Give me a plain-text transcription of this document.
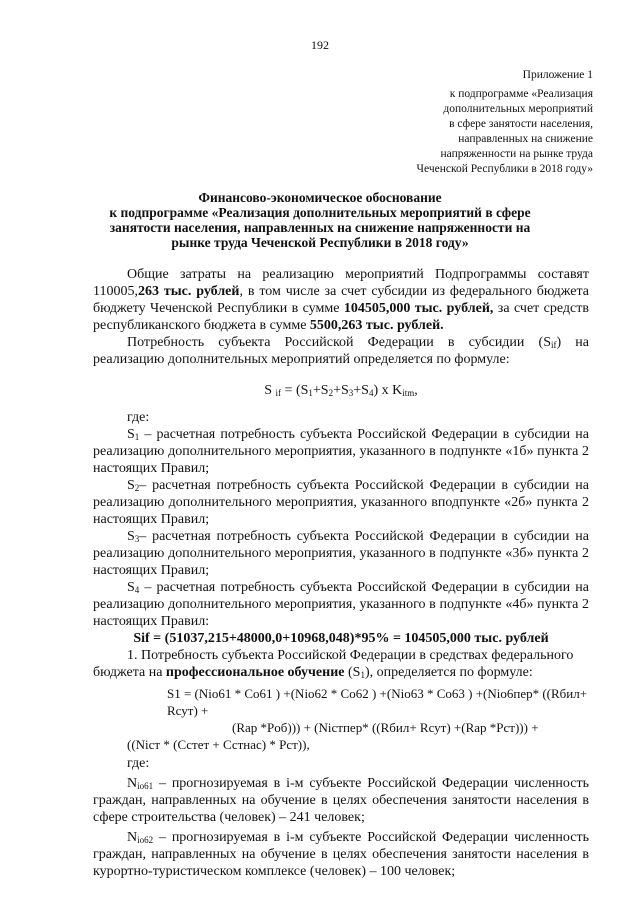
192
Приложение 1
к подпрограмме «Реализация
дополнительных мероприятий
в сфере занятости населения,
направленных на снижение
напряженности на рынке труда
Чеченской Республики в 2018 году»
Финансово-экономическое обоснование
к подпрограмме «Реализация дополнительных мероприятий в сфере
занятости населения, направленных на снижение напряженности на
рынке труда Чеченской Республики в 2018 году»

Общие затраты на реализацию мероприятий Подпрограммы составят 110005,263 тыс. рублей, в том числе за счет субсидии из федерального бюджета бюджету Чеченской Республики в сумме 104505,000 тыс. рублей, за счет средств республиканского бюджета в сумме 5500,263 тыс. рублей.

Потребность субъекта Российской Федерации в субсидии $(S_{if})$ на реализацию дополнительных мероприятий определяется по формуле:

S $_{if} = (S_1+S_2+S_3+S_4)$ x $K_{itm}$,

где:

$S_1$ – расчетная потребность субъекта Российской Федерации в субсидии на реализацию дополнительного мероприятия, указанного в подпункте «1б» пункта 2 настоящих Правил;

$S_2-$ расчетная потребность субъекта Российской Федерации в субсидии на реализацию дополнительного мероприятия, указанного вподпункте «2б» пункта 2 настоящих Правил;

$S_3-$ расчетная потребность субъекта Российской Федерации в субсидии на реализацию дополнительного мероприятия, указанного в подпункте «3б» пункта 2 настоящих Правил;

$S_4$ – расчетная потребность субъекта Российской Федерации в субсидии на реализацию дополнительного мероприятия, указанного в подпункте «4б» пункта 2 настоящих Правил:

Sif = (51037,215+48000,0+10968,048)*95% = 104505,000 тыс. рублей

1. Потребность субъекта Российской Федерации в средствах федерального бюджета на профессиональное обучение $(S_1)$, определяется по формуле:

S1 = (Nio61 * Co61 ) +(Nio62 * Co62 ) +(Nio63 * Co63 ) +(Nio6пер* ((Rбил+ Rсут) +
(Rар *Poб))) + (Nicтпер* ((Rбил+ Rсут) +(Rар *Pcт))) +
((Niст * (Сстет + Сстнас) * Рст)),

где:

$N_{io61}$ – прогнозируемая в i-м субъекте Российской Федерации численность граждан, направленных на обучение в целях обеспечения занятости населения в сфере строительства (человек) – 241 человек;

$N_{io62}$ – прогнозируемая в i-м субъекте Российской Федерации численность граждан, направленных на обучение в целях обеспечения занятости населения в курортно-туристическом комплексе (человек) – 100 человек;
